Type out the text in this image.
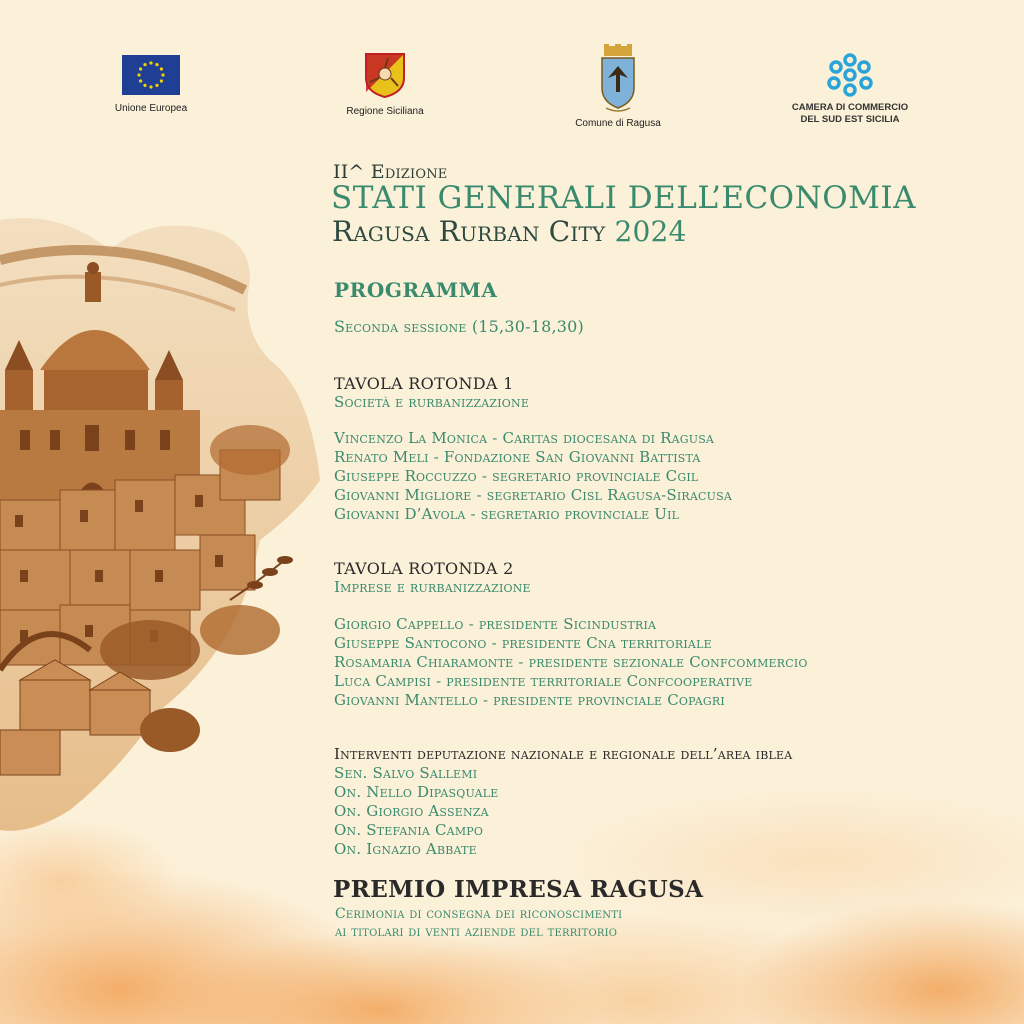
Unione Europea	Regione Siciliana
Comune di Ragusa
CAMERA DI COMMERCIO
DEL SUD EST SICILIA
II^ Edizione
STATI GENERALI DELL’ECONOMIA
Ragusa Rurban City 2024
PROGRAMMA
Seconda sessione (15,30-18,30)
TAVOLA ROTONDA 1
Società e rurbanizzazione
Vincenzo La Monica - Caritas diocesana di Ragusa
Renato Meli - Fondazione San Giovanni Battista
Giuseppe Roccuzzo - segretario provinciale Cgil
Giovanni Migliore - segretario Cisl Ragusa-Siracusa
Giovanni D’Avola - segretario provinciale Uil
TAVOLA ROTONDA 2
Imprese e rurbanizzazione
Giorgio Cappello - presidente Sicindustria
Giuseppe Santocono - presidente Cna territoriale
Rosamaria Chiaramonte - presidente sezionale Confcommercio
Luca Campisi - presidente territoriale Confcooperative
Giovanni Mantello - presidente provinciale Copagri
Interventi deputazione nazionale e regionale dell’area iblea
Sen. Salvo Sallemi
On. Nello Dipasquale
On. Giorgio Assenza
On. Stefania Campo
On. Ignazio Abbate
PREMIO IMPRESA RAGUSA
Cerimonia di consegna dei riconoscimenti
ai titolari di venti aziende del territorio
